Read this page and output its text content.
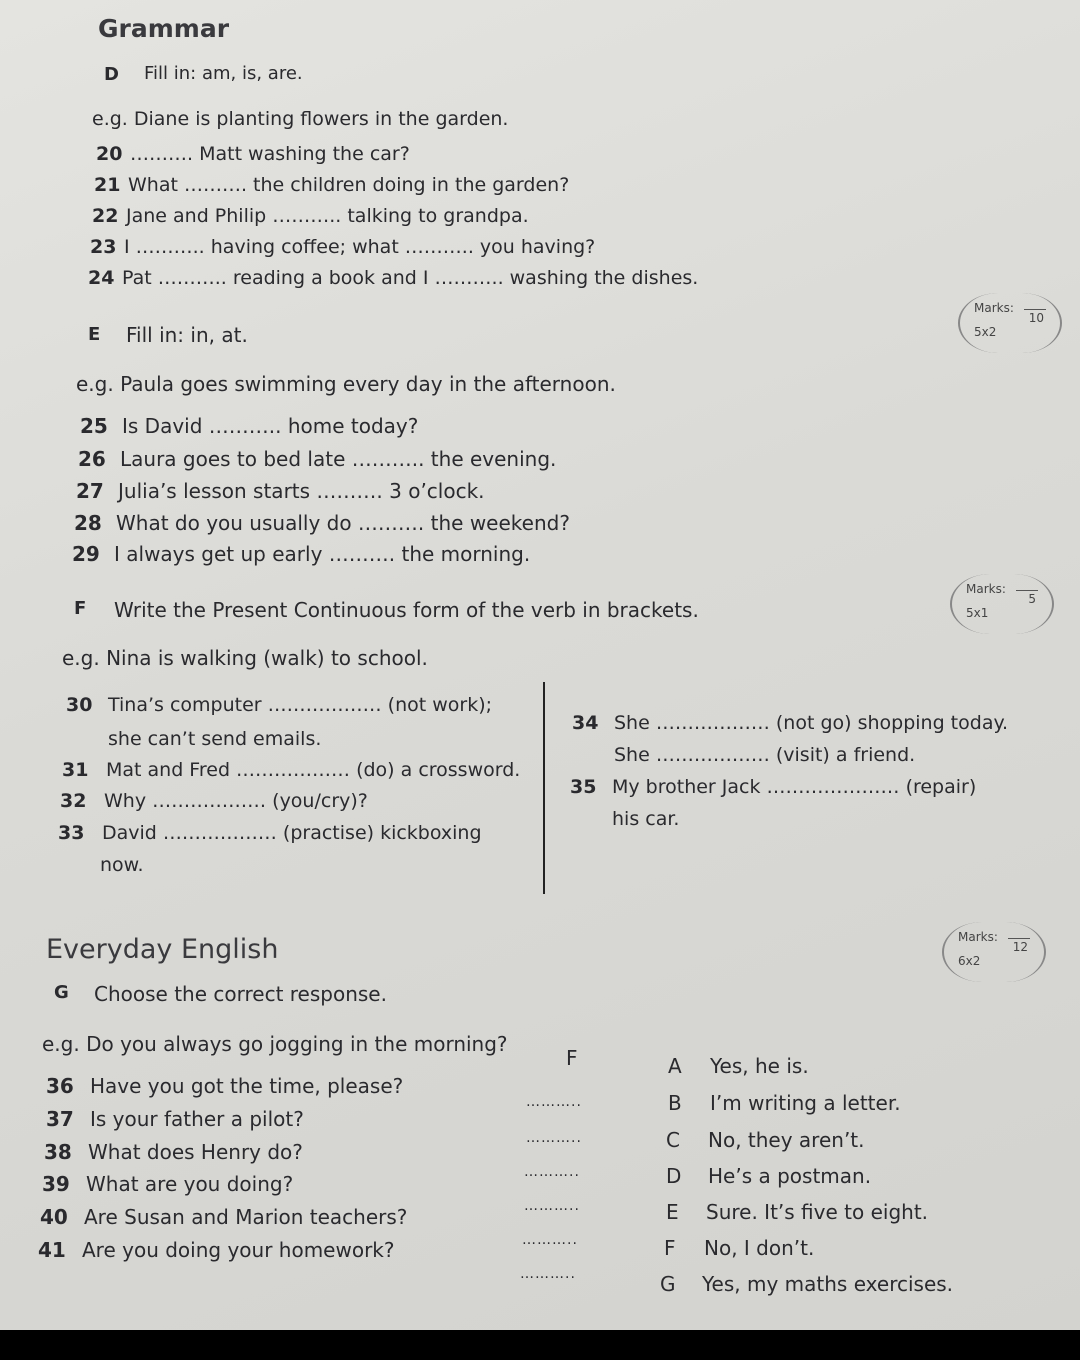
Grammar
D Fill in: am, is, are.
e.g. Diane is planting flowers in the garden.
20 ………. Matt washing the car?
21 What ………. the children doing in the garden?
22 Jane and Philip ……….. talking to grandpa.
23 I ……….. having coffee; what ……….. you having?
24 Pat ……….. reading a book and I ……….. washing the dishes.
Marks:
5x2
10
E Fill in: in, at.
e.g. Paula goes swimming every day in the afternoon.
25 Is David ……….. home today?
26 Laura goes to bed late ……….. the evening.
27 Julia’s lesson starts ………. 3 o’clock.
28 What do you usually do ………. the weekend?
29 I always get up early ………. the morning.
Marks:
5x1
5
F Write the Present Continuous form of the verb in brackets.
e.g. Nina is walking (walk) to school.
30 Tina’s computer ……………… (not work);
she can’t send emails.
31 Mat and Fred ……………… (do) a crossword.
32 Why ……………… (you/cry)?
33 David ……………… (practise) kickboxing
now.
34 She ……………… (not go) shopping today.
She ……………… (visit) a friend.
35 My brother Jack ………………… (repair)
his car.
Marks:
6x2
12
Everyday English
G Choose the correct response.
e.g. Do you always go jogging in the morning?
F
36 Have you got the time, please?
37 Is your father a pilot?
38 What does Henry do?
39 What are you doing?
40 Are Susan and Marion teachers?
41 Are you doing your homework?
………..
………..
………..
………..
………..
………..
A Yes, he is.
B I’m writing a letter.
C No, they aren’t.
D He’s a postman.
E Sure. It’s five to eight.
F No, I don’t.
G Yes, my maths exercises.
